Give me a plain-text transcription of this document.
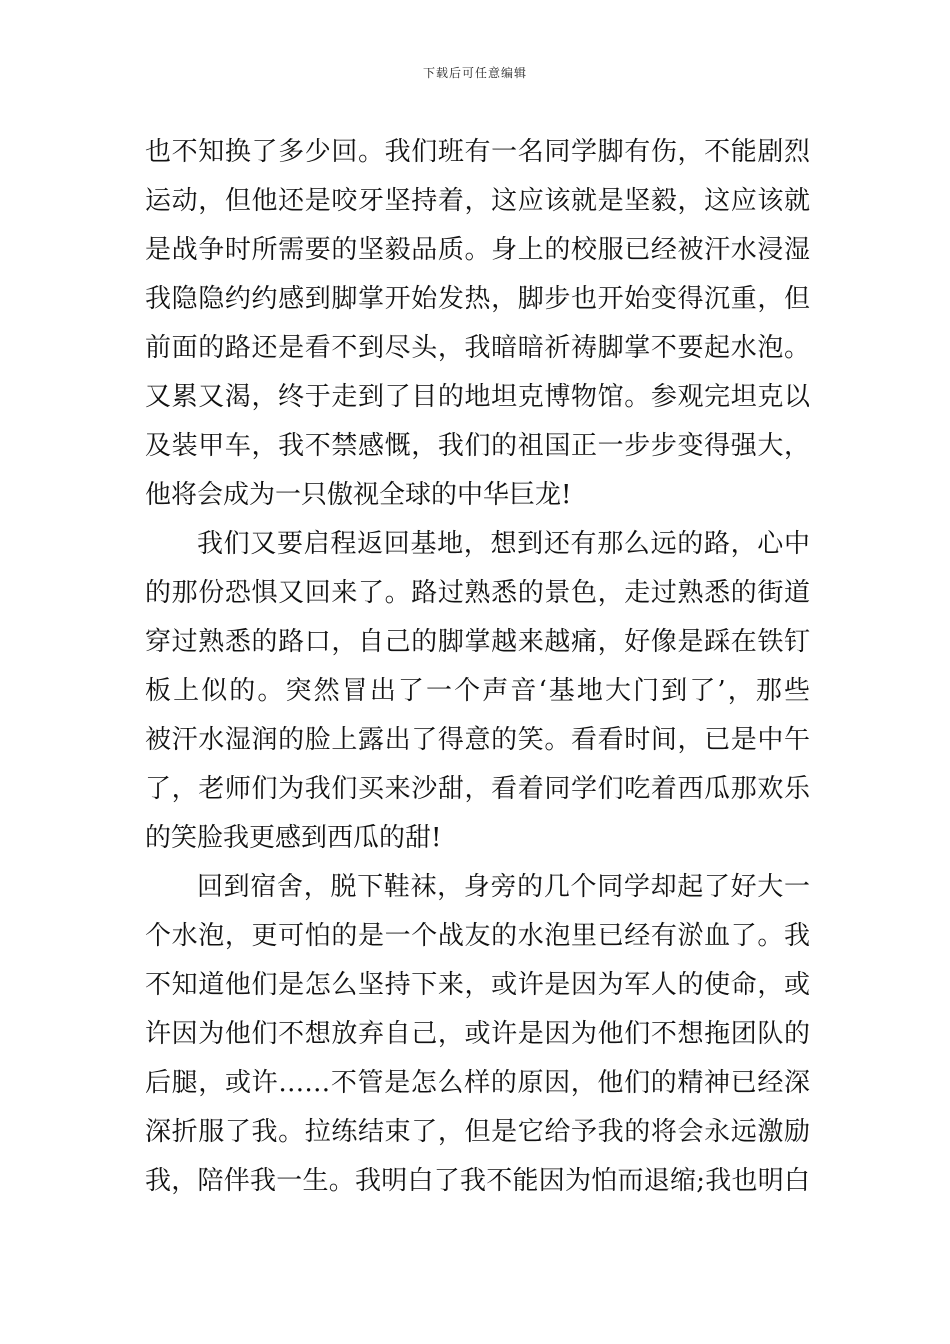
下载后可任意编辑
也不知换了多少回。我们班有一名同学脚有伤，不能剧烈
运动，但他还是咬牙坚持着，这应该就是坚毅，这应该就
是战争时所需要的坚毅品质。身上的校服已经被汗水浸湿
我隐隐约约感到脚掌开始发热，脚步也开始变得沉重，但
前面的路还是看不到尽头，我暗暗祈祷脚掌不要起水泡。
又累又渴，终于走到了目的地坦克博物馆。参观完坦克以
及装甲车，我不禁感慨，我们的祖国正一步步变得强大，
他将会成为一只傲视全球的中华巨龙!
我们又要启程返回基地，想到还有那么远的路，心中
的那份恐惧又回来了。路过熟悉的景色，走过熟悉的街道
穿过熟悉的路口，自己的脚掌越来越痛，好像是踩在铁钉
板上似的。突然冒出了一个声音‘基地大门到了’，那些
被汗水湿润的脸上露出了得意的笑。看看时间，已是中午
了，老师们为我们买来沙甜，看着同学们吃着西瓜那欢乐
的笑脸我更感到西瓜的甜!
回到宿舍，脱下鞋袜，身旁的几个同学却起了好大一
个水泡，更可怕的是一个战友的水泡里已经有淤血了。我
不知道他们是怎么坚持下来，或许是因为军人的使命，或
许因为他们不想放弃自己，或许是因为他们不想拖团队的
后腿，或许……不管是怎么样的原因，他们的精神已经深
深折服了我。拉练结束了，但是它给予我的将会永远激励
我，陪伴我一生。我明白了我不能因为怕而退缩;我也明白
